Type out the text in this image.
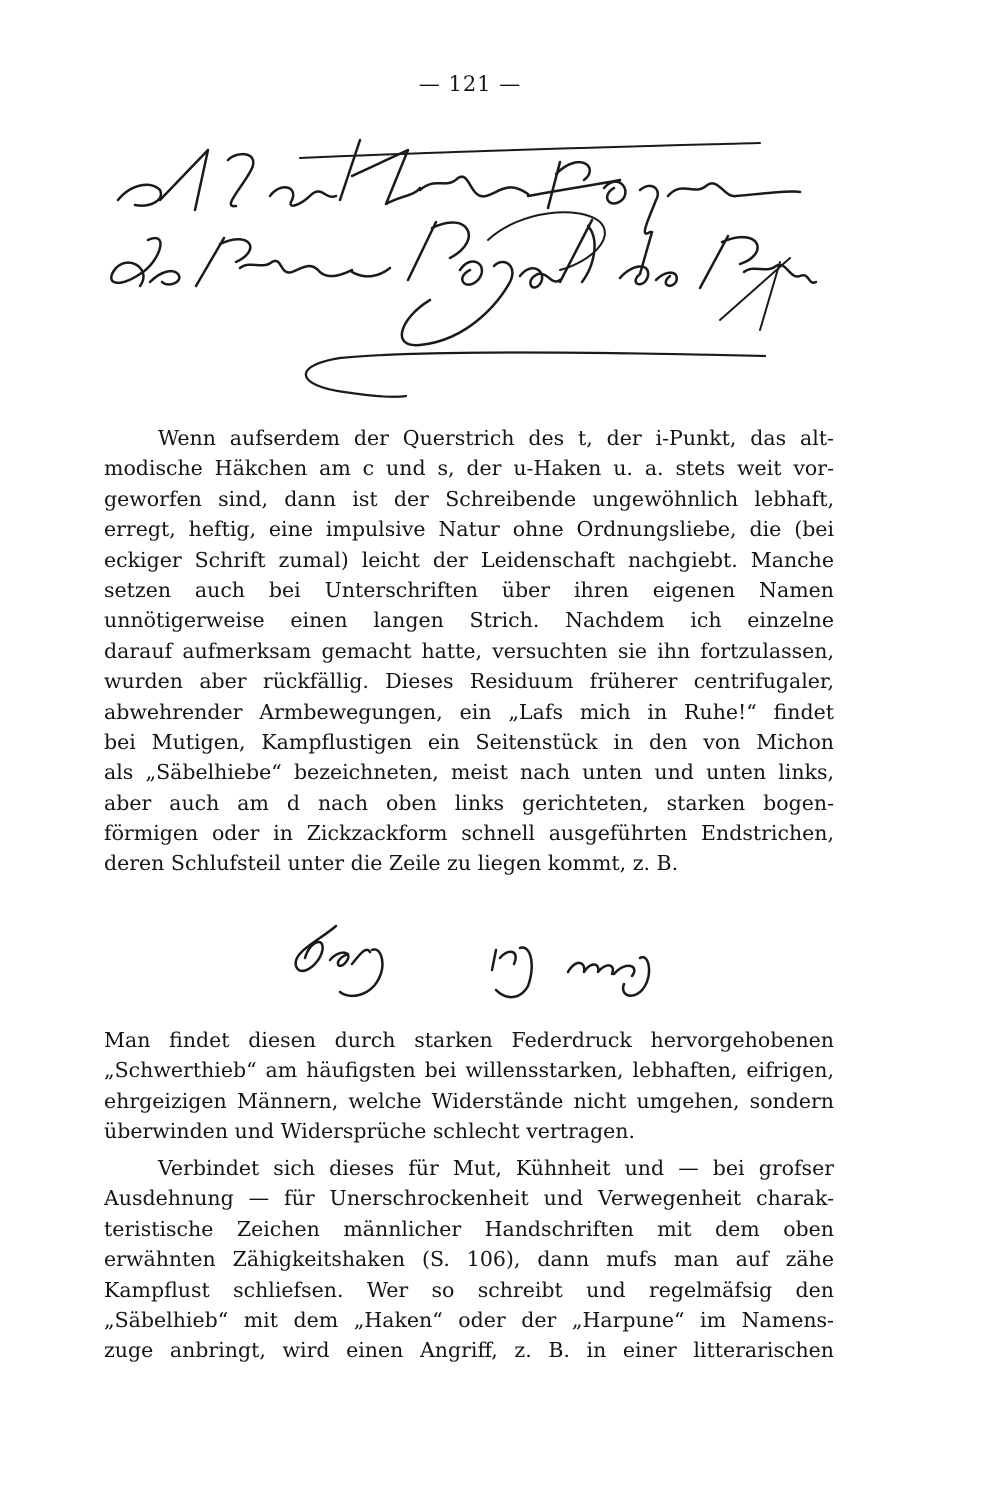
— 121 —
Wenn aufserdem der Querstrich des t, der i-Punkt, das alt-
modische Häkchen am c und s, der u-Haken u. a. stets weit vor-
geworfen sind, dann ist der Schreibende ungewöhnlich lebhaft,
erregt, heftig, eine impulsive Natur ohne Ordnungsliebe, die (bei
eckiger Schrift zumal) leicht der Leidenschaft nachgiebt. Manche
setzen auch bei Unterschriften über ihren eigenen Namen
unnötigerweise einen langen Strich. Nachdem ich einzelne
darauf aufmerksam gemacht hatte, versuchten sie ihn fortzulassen,
wurden aber rückfällig. Dieses Residuum früherer centrifugaler,
abwehrender Armbewegungen, ein „Lafs mich in Ruhe!“ findet
bei Mutigen, Kampflustigen ein Seitenstück in den von Michon
als „Säbelhiebe“ bezeichneten, meist nach unten und unten links,
aber auch am d nach oben links gerichteten, starken bogen-
förmigen oder in Zickzackform schnell ausgeführten Endstrichen,
deren Schlufsteil unter die Zeile zu liegen kommt, z. B.
Man findet diesen durch starken Federdruck hervorgehobenen
„Schwerthieb“ am häufigsten bei willensstarken, lebhaften, eifrigen,
ehrgeizigen Männern, welche Widerstände nicht umgehen, sondern
überwinden und Widersprüche schlecht vertragen.
Verbindet sich dieses für Mut, Kühnheit und — bei grofser
Ausdehnung — für Unerschrockenheit und Verwegenheit charak-
teristische Zeichen männlicher Handschriften mit dem oben
erwähnten Zähigkeitshaken (S. 106), dann mufs man auf zähe
Kampflust schliefsen. Wer so schreibt und regelmäfsig den
„Säbelhieb“ mit dem „Haken“ oder der „Harpune“ im Namens-
zuge anbringt, wird einen Angriff, z. B. in einer litterarischen
